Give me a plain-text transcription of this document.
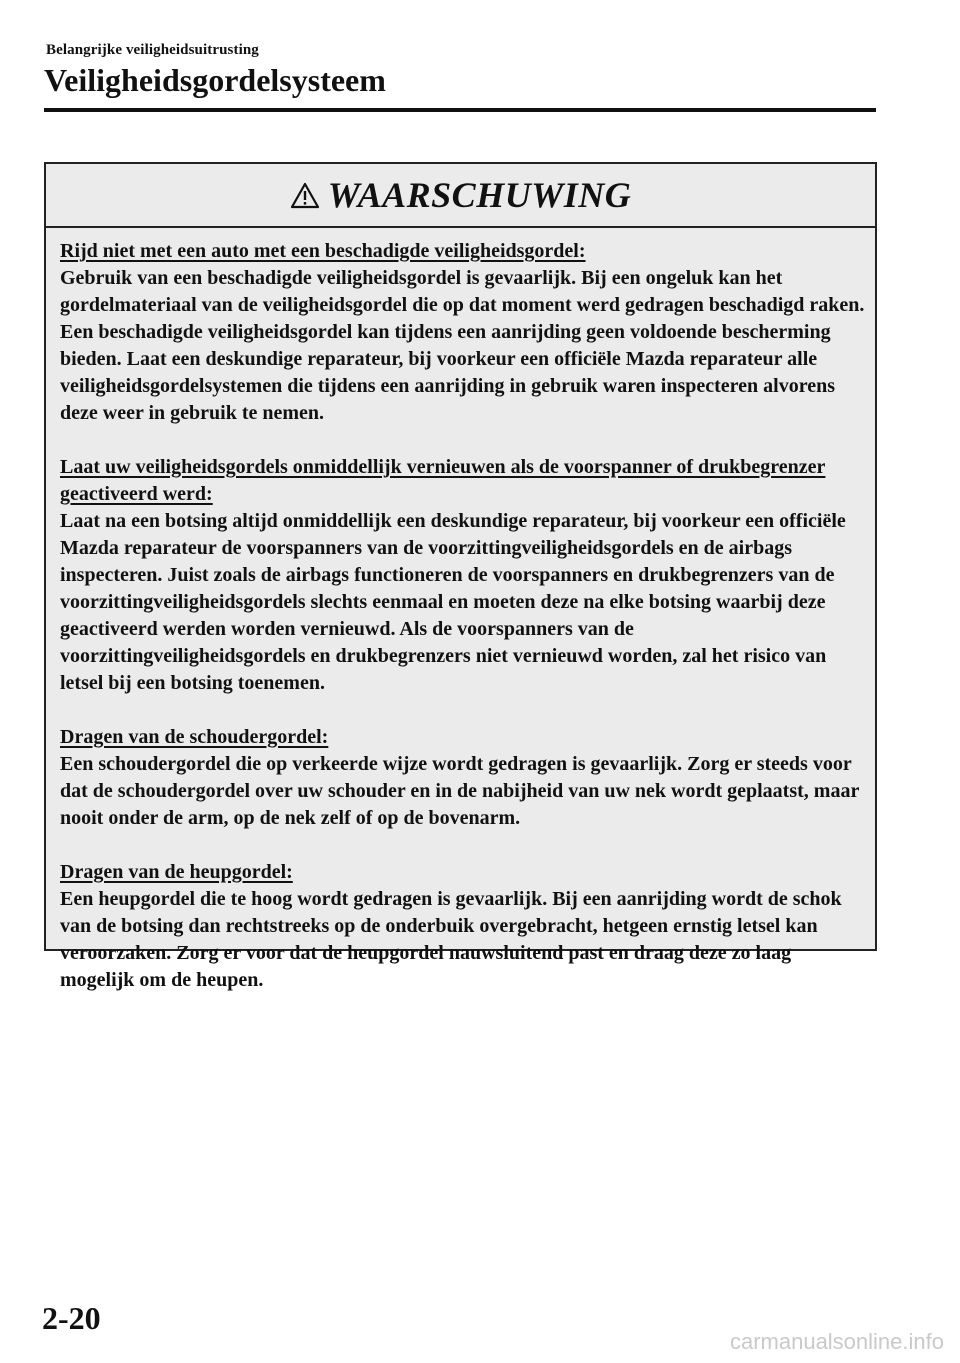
Belangrijke veiligheidsuitrusting
Veiligheidsgordelsysteem
WAARSCHUWING
Rijd niet met een auto met een beschadigde veiligheidsgordel:
Gebruik van een beschadigde veiligheidsgordel is gevaarlijk. Bij een ongeluk kan het gordelmateriaal van de veiligheidsgordel die op dat moment werd gedragen beschadigd raken. Een beschadigde veiligheidsgordel kan tijdens een aanrijding geen voldoende bescherming bieden. Laat een deskundige reparateur, bij voorkeur een officiële Mazda reparateur alle veiligheidsgordelsystemen die tijdens een aanrijding in gebruik waren inspecteren alvorens deze weer in gebruik te nemen.
Laat uw veiligheidsgordels onmiddellijk vernieuwen als de voorspanner of drukbegrenzer geactiveerd werd:
Laat na een botsing altijd onmiddellijk een deskundige reparateur, bij voorkeur een officiële Mazda reparateur de voorspanners van de voorzittingveiligheidsgordels en de airbags inspecteren. Juist zoals de airbags functioneren de voorspanners en drukbegrenzers van de voorzittingveiligheidsgordels slechts eenmaal en moeten deze na elke botsing waarbij deze geactiveerd werden worden vernieuwd. Als de voorspanners van de voorzittingveiligheidsgordels en drukbegrenzers niet vernieuwd worden, zal het risico van letsel bij een botsing toenemen.
Dragen van de schoudergordel:
Een schoudergordel die op verkeerde wijze wordt gedragen is gevaarlijk. Zorg er steeds voor dat de schoudergordel over uw schouder en in de nabijheid van uw nek wordt geplaatst, maar nooit onder de arm, op de nek zelf of op de bovenarm.
Dragen van de heupgordel:
Een heupgordel die te hoog wordt gedragen is gevaarlijk. Bij een aanrijding wordt de schok van de botsing dan rechtstreeks op de onderbuik overgebracht, hetgeen ernstig letsel kan veroorzaken. Zorg er voor dat de heupgordel nauwsluitend past en draag deze zo laag mogelijk om de heupen.
2-20
carmanualsonline.info
